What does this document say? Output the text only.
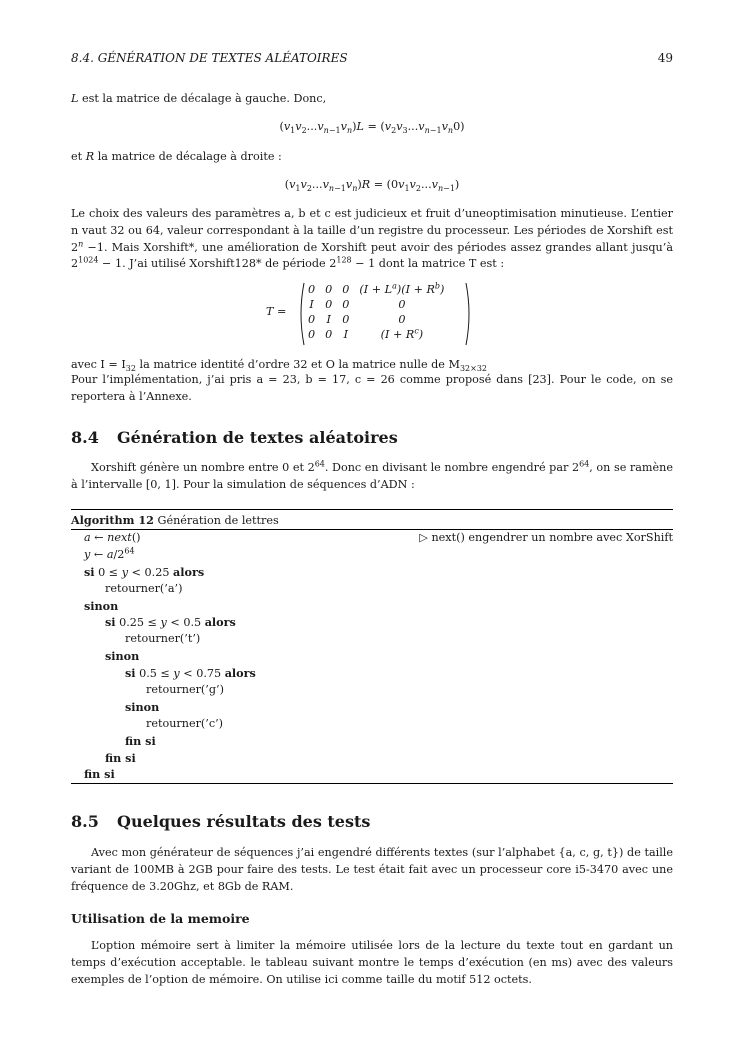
8.4. GÉNÉRATION DE TEXTES ALÉATOIRES	49

L est la matrice de décalage à gauche. Donc,

$(v_1v_2...v_{n-1}v_n)L = (v_2v_3...v_{n-1}v_n0)$

et R la matrice de décalage à droite :

$(v_1v_2...v_{n-1}v_n)R = (0v_1v_2...v_{n-1})$

Le choix des valeurs des paramètres a, b et c est judicieux et fruit d’uneoptimisation minutieuse. L’entier n vaut 32 ou 64, valeur correspondant à la taille d’un registre du processeur. Les périodes de Xorshift est $2^n -1$. Mais Xorshift*, une amélioration de Xorshift peut avoir des périodes assez grandes allant jusqu’à $2^{1024} - 1$. J’ai utilisé Xorshift128* de période $2^{128} - 1$ dont la matrice T est :

T =
0	0	0	$(I + L^a)(I + R^b)$
I	0	0	0
0	I	0	0
0	0	I	$(I + R^c)$

avec $I = I_{32}$ la matrice identité d’ordre 32 et O la matrice nulle de $M_{32\times 32}$

Pour l’implémentation, j’ai pris a = 23, b = 17, c = 26 comme proposé dans [23]. Pour le code, on se reportera à l’Annexe.

8.4 Génération de textes aléatoires

Xorshift génère un nombre entre 0 et $2^{64}$. Donc en divisant le nombre engendré par $2^{64}$, on se ramène à l’intervalle [0, 1]. Pour la simulation de séquences d’ADN :

Algorithm 12 Génération de lettres
a ← next()	▷ next() engendrer un nombre avec XorShift
y ← $a/2^{64}$
si 0 ≤ y < 0.25 alors
retourner(’a’)
sinon
si 0.25 ≤ y < 0.5 alors
retourner(’t’)
sinon
si 0.5 ≤ y < 0.75 alors
retourner(’g’)
sinon
retourner(’c’)
fin si
fin si
fin si
8.5 Quelques résultats des tests

Avec mon générateur de séquences j’ai engendré différents textes (sur l’alphabet {a, c, g, t}) de taille variant de 100MB à 2GB pour faire des tests. Le test était fait avec un processeur core i5-3470 avec une fréquence de 3.20Ghz, et 8Gb de RAM.

Utilisation de la memoire

L’option mémoire sert à limiter la mémoire utilisée lors de la lecture du texte tout en gardant un temps d’exécution acceptable. le tableau suivant montre le temps d’exécution (en ms) avec des valeurs exemples de l’option de mémoire. On utilise ici comme taille du motif 512 octets.
